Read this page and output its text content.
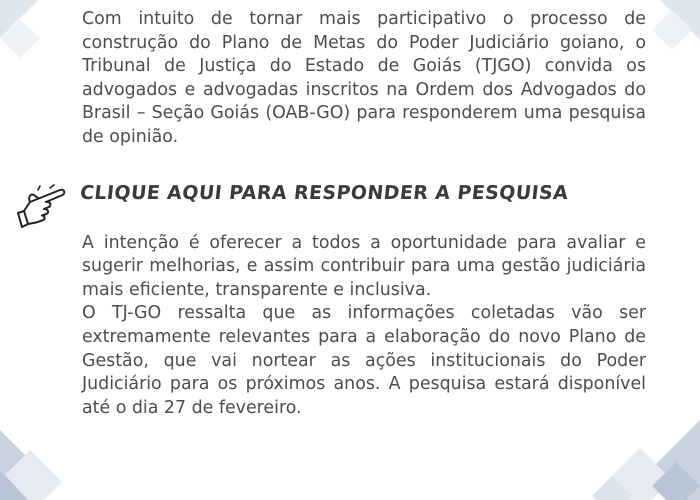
Com intuito de tornar mais participativo o processo de construção do Plano de Metas do Poder Judiciário goiano, o Tribunal de Justiça do Estado de Goiás (TJGO) convida os advogados e advogadas inscritos na Ordem dos Advogados do Brasil – Seção Goiás (OAB-GO) para responderem uma pesquisa de opinião.

CLIQUE AQUI PARA RESPONDER A PESQUISA

A intenção é oferecer a todos a oportunidade para avaliar e sugerir melhorias, e assim contribuir para uma gestão judiciária mais eficiente, transparente e inclusiva.

O TJ-GO ressalta que as informações coletadas vão ser extremamente relevantes para a elaboração do novo Plano de Gestão, que vai nortear as ações institucionais do Poder Judiciário para os próximos anos. A pesquisa estará disponível até o dia 27 de fevereiro.
